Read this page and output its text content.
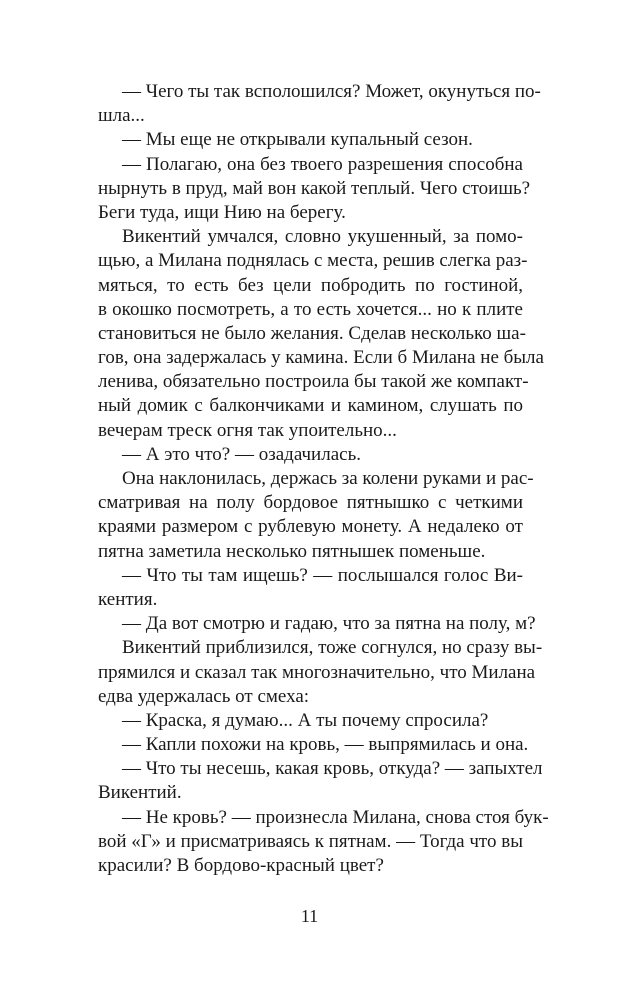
— Чего ты так всполошился? Может, окунуться по-
шла...
— Мы еще не открывали купальный сезон.
— Полагаю, она без твоего разрешения способна
нырнуть в пруд, май вон какой теплый. Чего стоишь?
Беги туда, ищи Нию на берегу.
Викентий умчался, словно укушенный, за помо-
щью, а Милана поднялась с места, решив слегка раз-
мяться, то есть без цели побродить по гостиной,
в окошко посмотреть, а то есть хочется... но к плите
становиться не было желания. Сделав несколько ша-
гов, она задержалась у камина. Если б Милана не была
ленива, обязательно построила бы такой же компакт-
ный домик с балкончиками и камином, слушать по
вечерам треск огня так упоительно...
— А это что? — озадачилась.
Она наклонилась, держась за колени руками и рас-
сматривая на полу бордовое пятнышко с четкими
краями размером с рублевую монету. А недалеко от
пятна заметила несколько пятнышек поменьше.
— Что ты там ищешь? — послышался голос Ви-
кентия.
— Да вот смотрю и гадаю, что за пятна на полу, м?
Викентий приблизился, тоже согнулся, но сразу вы-
прямился и сказал так многозначительно, что Милана
едва удержалась от смеха:
— Краска, я думаю... А ты почему спросила?
— Капли похожи на кровь, — выпрямилась и она.
— Что ты несешь, какая кровь, откуда? — запыхтел
Викентий.
— Не кровь? — произнесла Милана, снова стоя бук-
вой «Г» и присматриваясь к пятнам. — Тогда что вы
красили? В бордово-красный цвет?
11
